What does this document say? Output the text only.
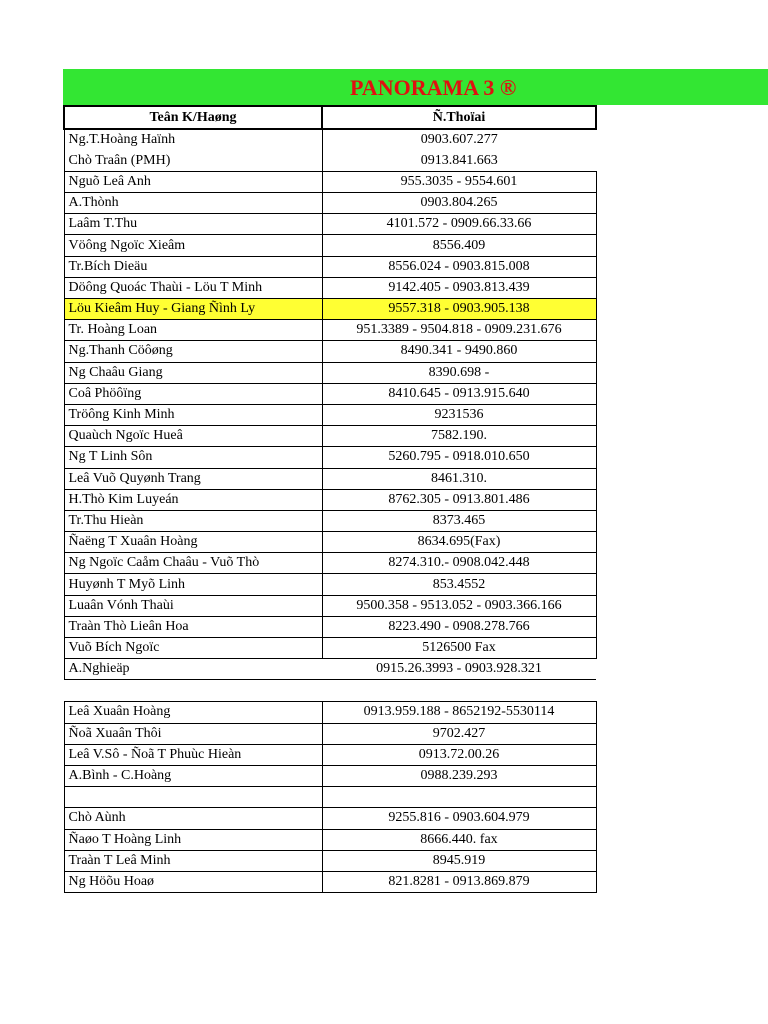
PANORAMA 3 ®
Teân K/Haøng	Ñ.Thoïai
Ng.T.Hoàng Haïnh	0903.607.277
Chò Traân (PMH)	0913.841.663
Nguõ Leâ Anh	955.3035 - 9554.601
A.Thònh	0903.804.265
Laâm T.Thu	4101.572 - 0909.66.33.66
Vöông Ngoïc Xieâm	8556.409
Tr.Bích Dieäu	8556.024 - 0903.815.008
Döông Quoác Thaùi - Löu T Minh	9142.405 - 0903.813.439
Löu Kieâm Huy - Giang Ñình Ly	9557.318 - 0903.905.138
Tr. Hoàng Loan	951.3389 - 9504.818 - 0909.231.676
Ng.Thanh Cöôøng	8490.341 - 9490.860
Ng Chaâu Giang	8390.698 -
Coâ Phöôïng	8410.645 - 0913.915.640
Tröông Kinh Minh	9231536
Quaùch Ngoïc Hueâ	7582.190.
Ng T Linh Sôn	5260.795 - 0918.010.650
Leâ Vuõ Quyønh Trang	8461.310.
H.Thò Kim Luyeán	8762.305 - 0913.801.486
Tr.Thu Hieàn	8373.465
Ñaëng T Xuaân Hoàng	8634.695(Fax)
Ng Ngoïc Caåm Chaâu - Vuõ Thò	8274.310.- 0908.042.448
Huyønh T Myõ Linh	853.4552
Luaân Vónh Thaùi	9500.358 - 9513.052 - 0903.366.166
Traàn Thò Lieân Hoa	8223.490 - 0908.278.766
Vuõ Bích Ngoïc	5126500 Fax
A.Nghieäp	0915.26.3993 - 0903.928.321

Leâ Xuaân Hoàng	0913.959.188 - 8652192-5530114
Ñoã Xuaân Thôi	9702.427
Leâ V.Sô - Ñoã T Phuùc Hieàn	0913.72.00.26
A.Bình - C.Hoàng	0988.239.293

Chò Aùnh	9255.816 - 0903.604.979
Ñaøo T Hoàng Linh	8666.440. fax
Traàn T Leâ Minh	8945.919
Ng Höõu Hoaø	821.8281 - 0913.869.879
